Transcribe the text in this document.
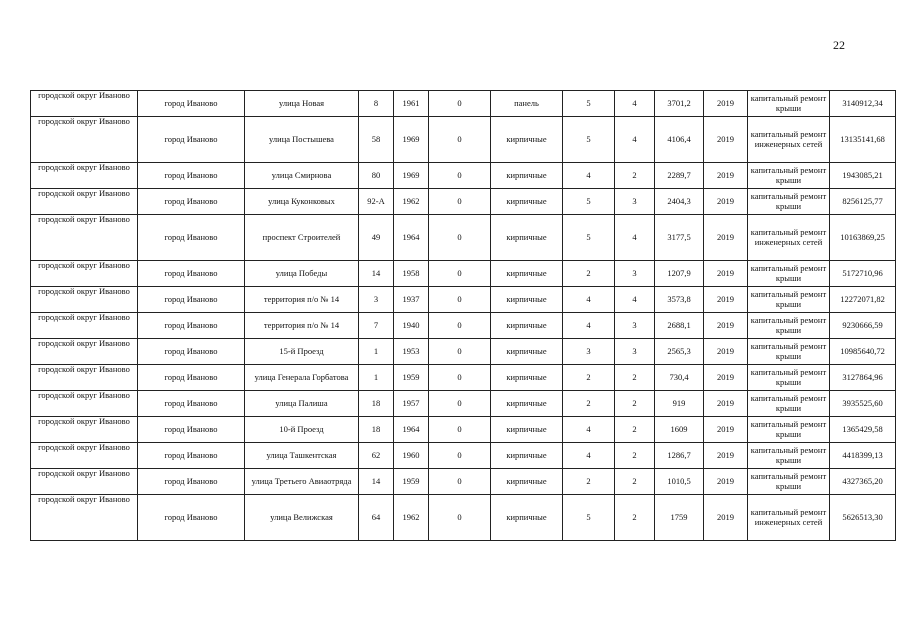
22
городской округ Иваново	город Иваново	улица Новая	8	1961	0	панель	5	4	3701,2	2019	капитальный ремонт крыши	3140912,34
городской округ Иваново	город Иваново	улица Постышева	58	1969	0	кирпичные	5	4	4106,4	2019	капитальный ремонт инженерных сетей	13135141,68
городской округ Иваново	город Иваново	улица Смирнова	80	1969	0	кирпичные	4	2	2289,7	2019	капитальный ремонт крыши	1943085,21
городской округ Иваново	город Иваново	улица Куконковых	92-А	1962	0	кирпичные	5	3	2404,3	2019	капитальный ремонт крыши	8256125,77
городской округ Иваново	город Иваново	проспект Строителей	49	1964	0	кирпичные	5	4	3177,5	2019	капитальный ремонт инженерных сетей	10163869,25
городской округ Иваново	город Иваново	улица Победы	14	1958	0	кирпичные	2	3	1207,9	2019	капитальный ремонт крыши	5172710,96
городской округ Иваново	город Иваново	территория п/о № 14	3	1937	0	кирпичные	4	4	3573,8	2019	капитальный ремонт крыши	12272071,82
городской округ Иваново	город Иваново	территория п/о № 14	7	1940	0	кирпичные	4	3	2688,1	2019	капитальный ремонт крыши	9230666,59
городской округ Иваново	город Иваново	15-й Проезд	1	1953	0	кирпичные	3	3	2565,3	2019	капитальный ремонт крыши	10985640,72
городской округ Иваново	город Иваново	улица Генерала Горбатова	1	1959	0	кирпичные	2	2	730,4	2019	капитальный ремонт крыши	3127864,96
городской округ Иваново	город Иваново	улица Палиша	18	1957	0	кирпичные	2	2	919	2019	капитальный ремонт крыши	3935525,60
городской округ Иваново	город Иваново	10-й Проезд	18	1964	0	кирпичные	4	2	1609	2019	капитальный ремонт крыши	1365429,58
городской округ Иваново	город Иваново	улица Ташкентская	62	1960	0	кирпичные	4	2	1286,7	2019	капитальный ремонт крыши	4418399,13
городской округ Иваново	город Иваново	улица Третьего Авиаотряда	14	1959	0	кирпичные	2	2	1010,5	2019	капитальный ремонт крыши	4327365,20
городской округ Иваново	город Иваново	улица Велижская	64	1962	0	кирпичные	5	2	1759	2019	капитальный ремонт инженерных сетей	5626513,30
